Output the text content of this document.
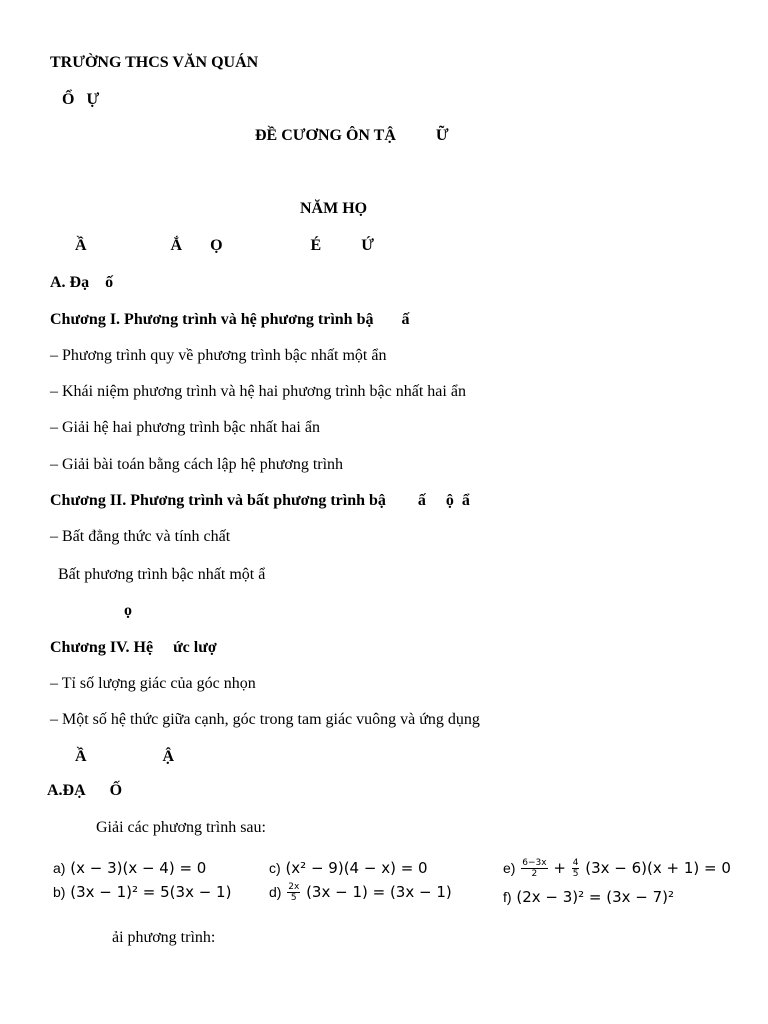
TRƯỜNG THCS VĂN QUÁN
Ổ   Ự
ĐỀ CƯƠNG ÔN TẬ          Ữ
NĂM HỌ
Ầ                     Ắ       Ọ                      É          Ứ
A. Đạ    ố
Chương I. Phương trình và hệ phương trình bậ       ấ
– Phương trình quy về phương trình bậc nhất một ẩn
– Khái niệm phương trình và hệ hai phương trình bậc nhất hai ẩn
– Giải hệ hai phương trình bậc nhất hai ẩn
– Giải bài toán bằng cách lập hệ phương trình
Chương II. Phương trình và bất phương trình bậ        ấ     ộ  ẩ
– Bất đẳng thức và tính chất
Bất phương trình bậc nhất một ẩ
ọ
Chương IV. Hệ     ức lượ
– Tỉ số lượng giác của góc nhọn
– Một số hệ thức giữa cạnh, góc trong tam giác vuông và ứng dụng
Ầ                   Ậ
A.ĐẠ      Ố
Giải các phương trình sau:
a) (x − 3)(x − 4) = 0
b) (3x − 1)² = 5(3x − 1)
c) (x² − 9)(4 − x) = 0
$d) \frac{2x}{5} (3x - 1) = (3x - 1)$
$e) \frac{6-3x}{2} + \frac{4}{5} (3x - 6)(x + 1) = 0$
f) (2x − 3)² = (3x − 7)²
ải phương trình:
